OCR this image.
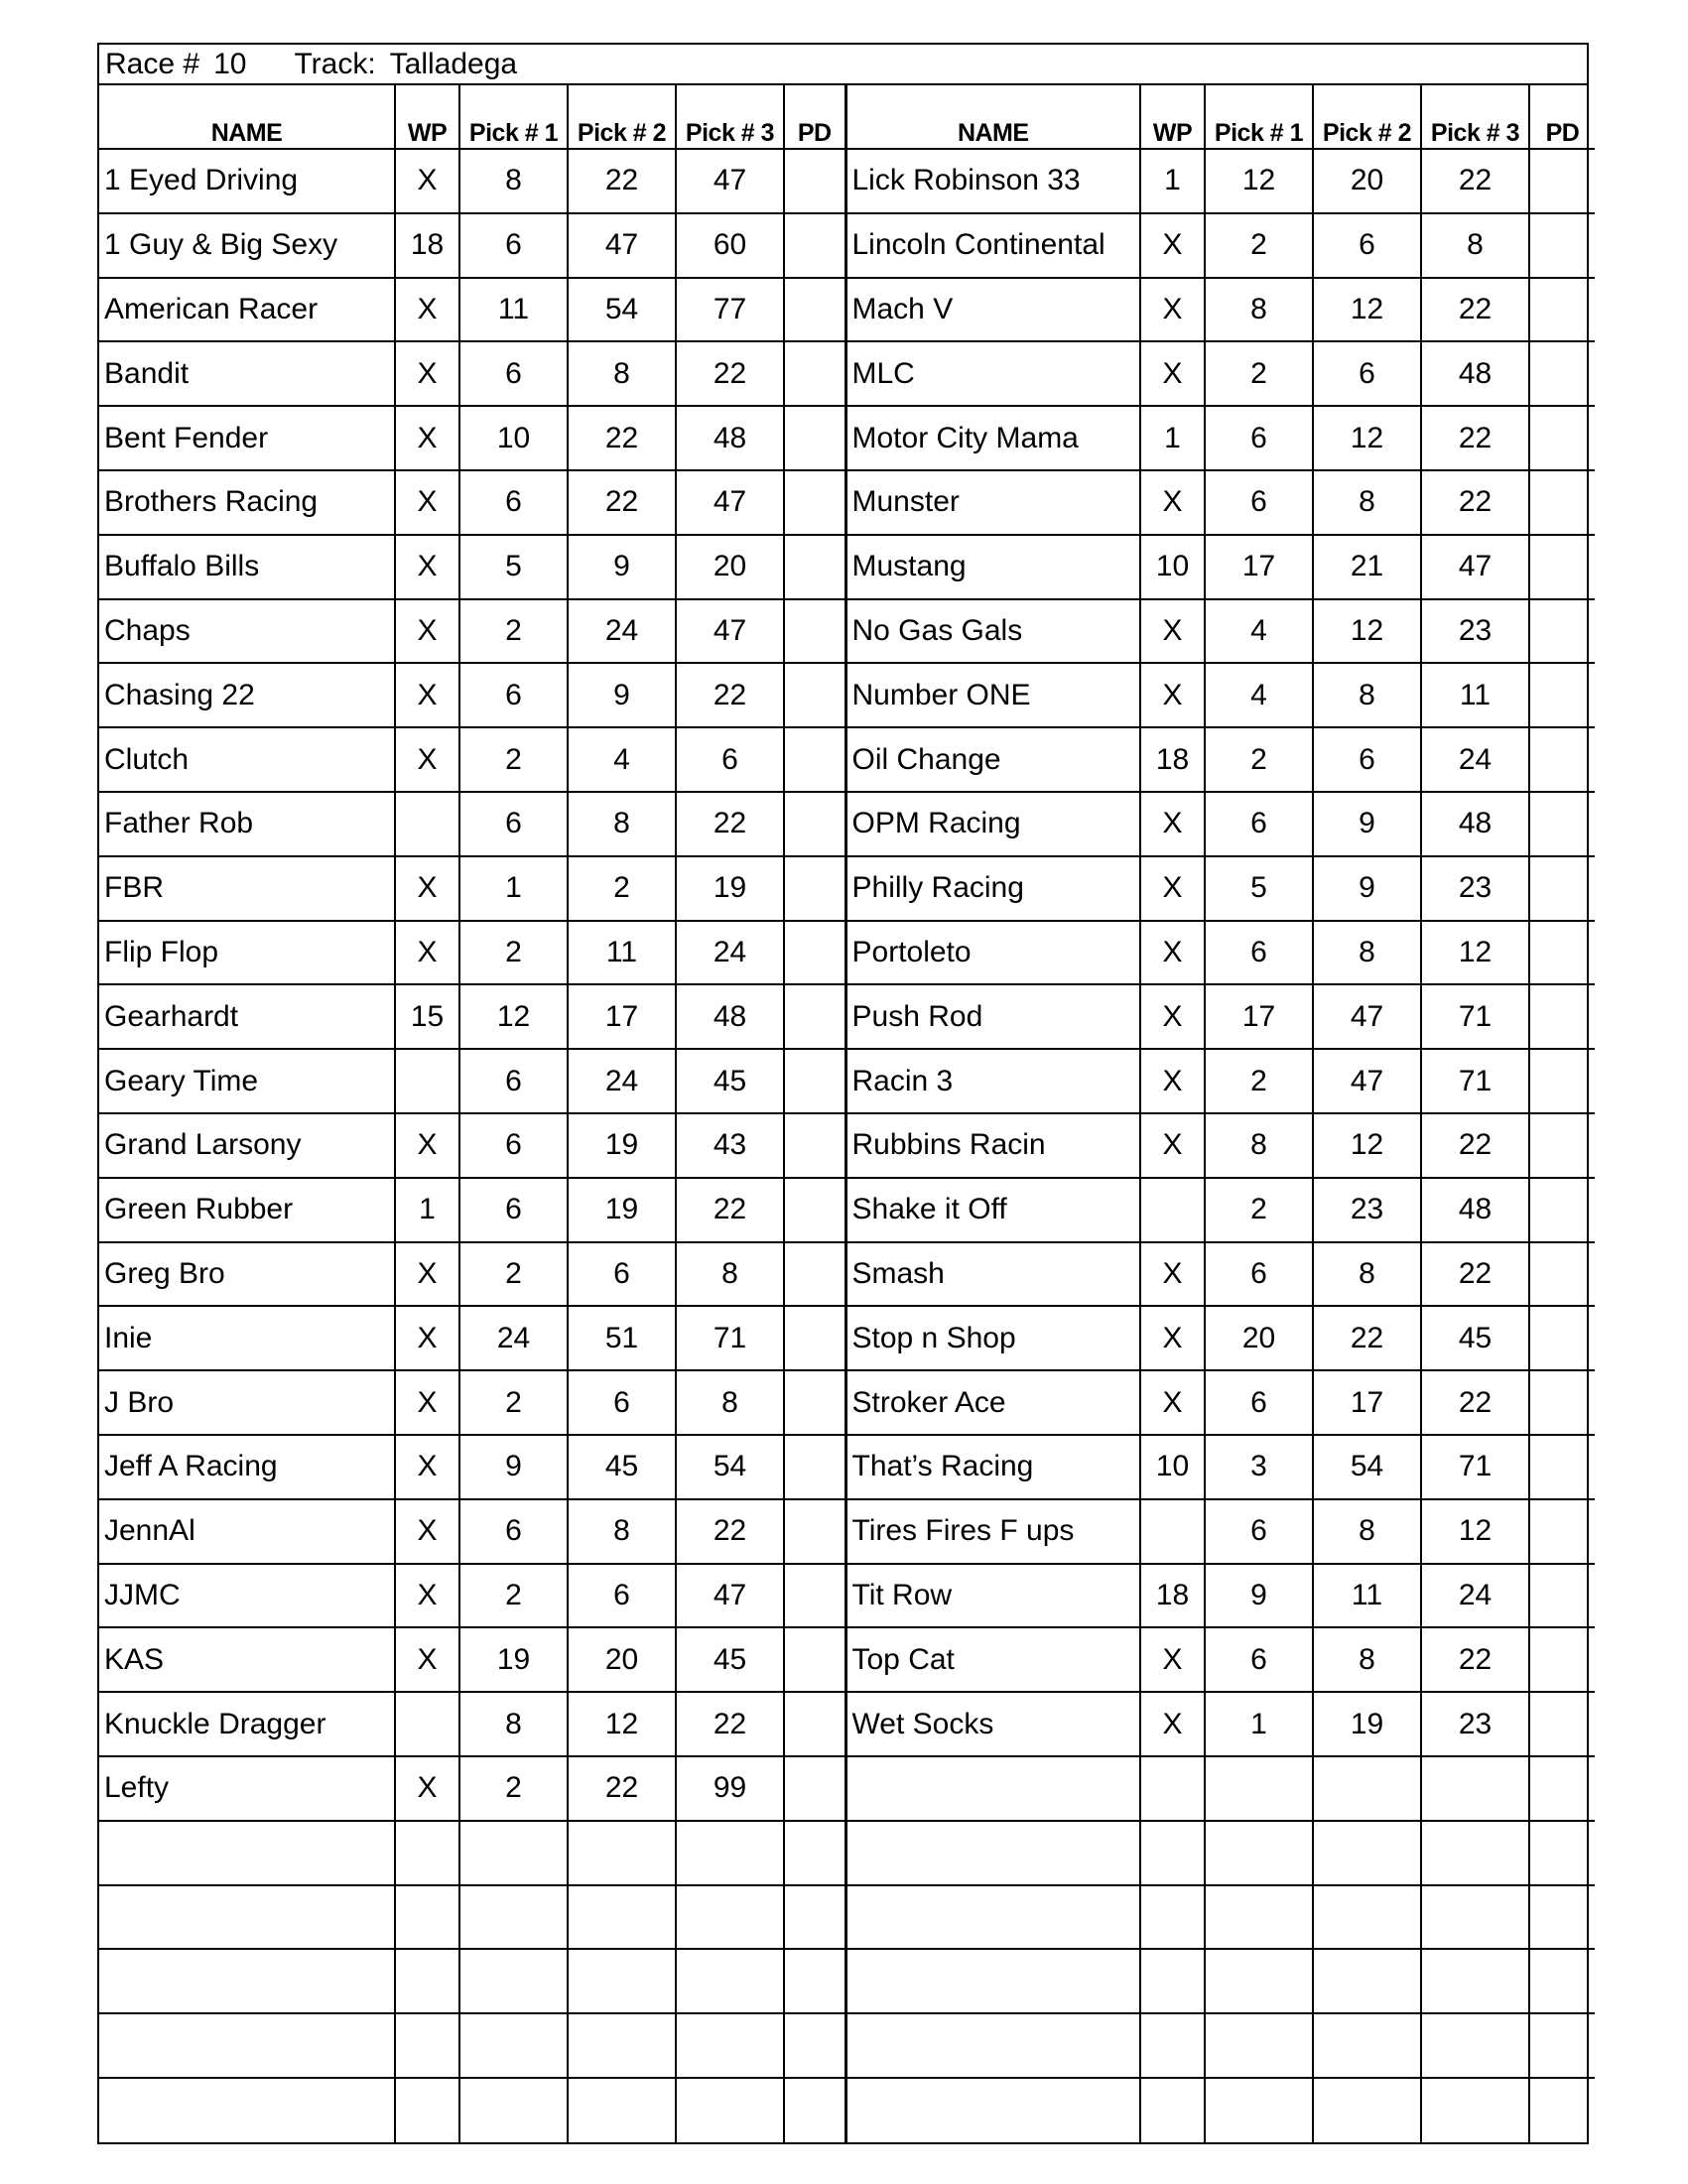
Race # 10 Track: Talladega
NAME	WP	Pick # 1	Pick # 2	Pick # 3	PD	NAME	WP	Pick # 1	Pick # 2	Pick # 3	PD
1 Eyed Driving	X	8	22	47		Lick Robinson 33	1	12	20	22	
1 Guy & Big Sexy	18	6	47	60		Lincoln Continental	X	2	6	8	
American Racer	X	11	54	77		Mach V	X	8	12	22	
Bandit	X	6	8	22		MLC	X	2	6	48	
Bent Fender	X	10	22	48		Motor City Mama	1	6	12	22	
Brothers Racing	X	6	22	47		Munster	X	6	8	22	
Buffalo Bills	X	5	9	20		Mustang	10	17	21	47	
Chaps	X	2	24	47		No Gas Gals	X	4	12	23	
Chasing 22	X	6	9	22		Number ONE	X	4	8	11	
Clutch	X	2	4	6		Oil Change	18	2	6	24	
Father Rob		6	8	22		OPM Racing	X	6	9	48	
FBR	X	1	2	19		Philly Racing	X	5	9	23	
Flip Flop	X	2	11	24		Portoleto	X	6	8	12	
Gearhardt	15	12	17	48		Push Rod	X	17	47	71	
Geary Time		6	24	45		Racin 3	X	2	47	71	
Grand Larsony	X	6	19	43		Rubbins Racin	X	8	12	22	
Green Rubber	1	6	19	22		Shake it Off		2	23	48	
Greg Bro	X	2	6	8		Smash	X	6	8	22	
Inie	X	24	51	71		Stop n Shop	X	20	22	45	
J Bro	X	2	6	8		Stroker Ace	X	6	17	22	
Jeff A Racing	X	9	45	54		That’s Racing	10	3	54	71	
JennAl	X	6	8	22		Tires Fires F ups		6	8	12	
JJMC	X	2	6	47		Tit Row	18	9	11	24	
KAS	X	19	20	45		Top Cat	X	6	8	22	
Knuckle Dragger		8	12	22		Wet Socks	X	1	19	23	
Lefty	X	2	22	99							
